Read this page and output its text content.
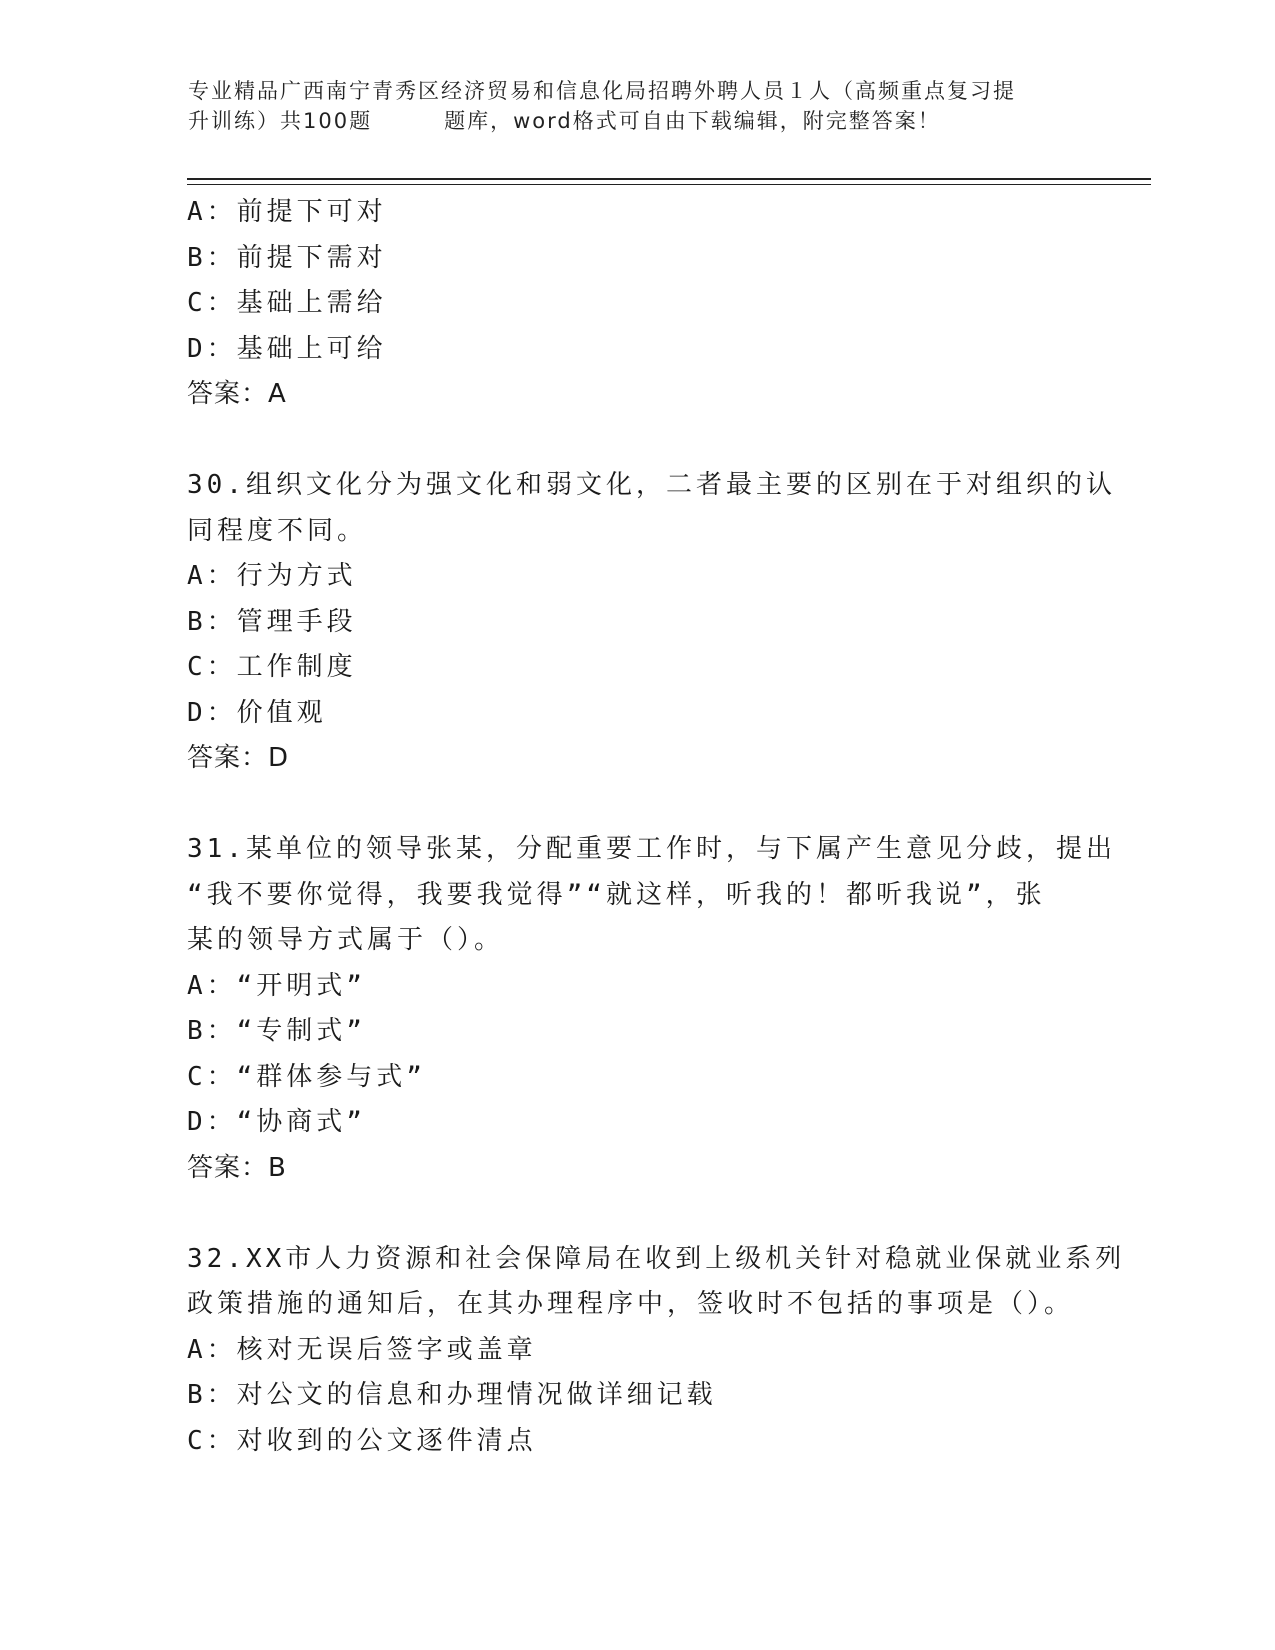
专业精品广西南宁青秀区经济贸易和信息化局招聘外聘人员１人（高频重点复习提
升训练）共100题	题库，word格式可自由下载编辑，附完整答案！
A：前提下可对
B：前提下需对
C：基础上需给
D：基础上可给
答案：A
30.组织文化分为强文化和弱文化，二者最主要的区别在于对组织的认
同程度不同。
A：行为方式
B：管理手段
C：工作制度
D：价值观
答案：D
31.某单位的领导张某，分配重要工作时，与下属产生意见分歧，提出
“我不要你觉得，我要我觉得”“就这样，听我的！都听我说”，张
某的领导方式属于（）。
A：“开明式”
B：“专制式”
C：“群体参与式”
D：“协商式”
答案：B
32.XX市人力资源和社会保障局在收到上级机关针对稳就业保就业系列
政策措施的通知后，在其办理程序中，签收时不包括的事项是（）。
A：核对无误后签字或盖章
B：对公文的信息和办理情况做详细记载
C：对收到的公文逐件清点
